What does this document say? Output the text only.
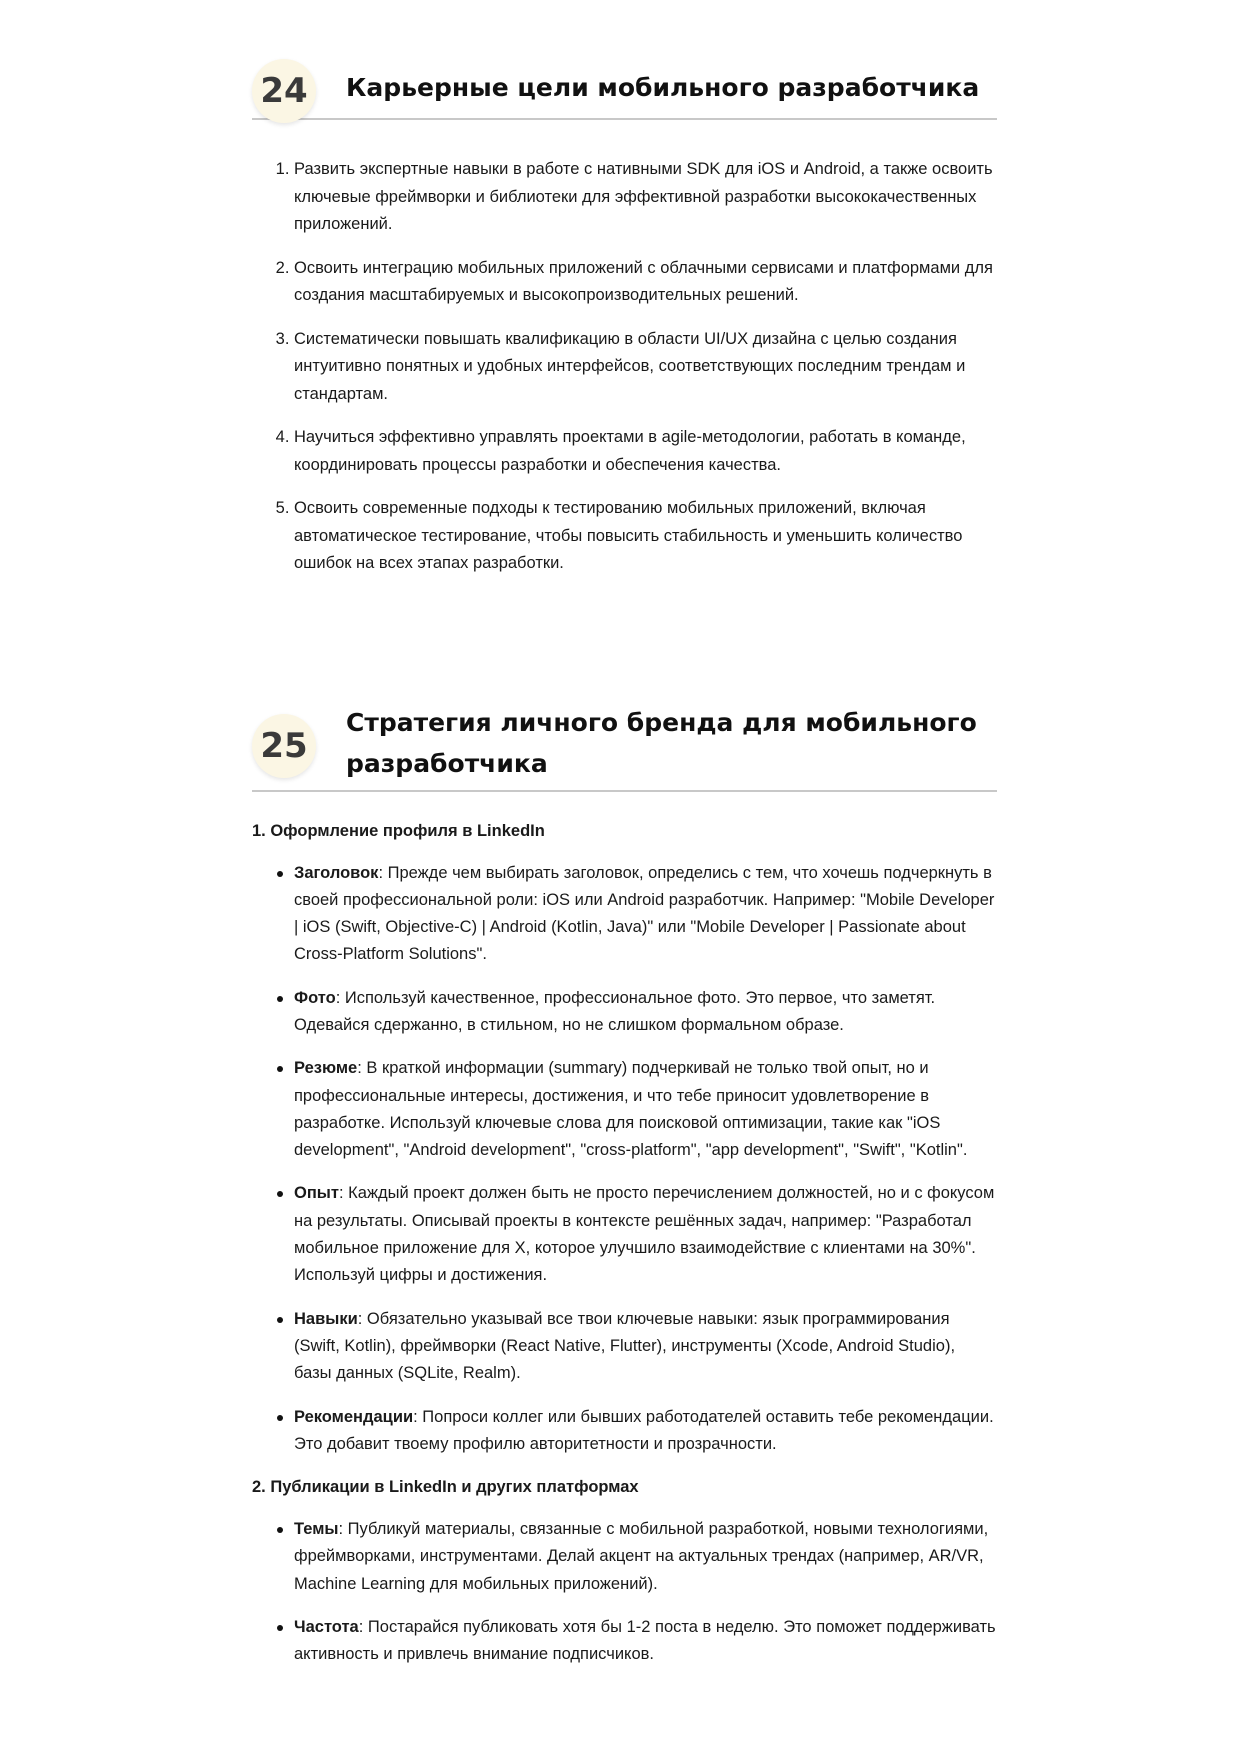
24	Карьерные цели мобильного разработчика
1. Развить экспертные навыки в работе с нативными SDK для iOS и Android, а также освоить ключевые фреймворки и библиотеки для эффективной разработки высококачественных приложений.
2. Освоить интеграцию мобильных приложений с облачными сервисами и платформами для создания масштабируемых и высокопроизводительных решений.
3. Систематически повышать квалификацию в области UI/UX дизайна с целью создания интуитивно понятных и удобных интерфейсов, соответствующих последним трендам и стандартам.
4. Научиться эффективно управлять проектами в agile-методологии, работать в команде, координировать процессы разработки и обеспечения качества.
5. Освоить современные подходы к тестированию мобильных приложений, включая автоматическое тестирование, чтобы повысить стабильность и уменьшить количество ошибок на всех этапах разработки.
25
Стратегия личного бренда для мобильного
разработчика

1. Оформление профиля в LinkedIn

Заголовок: Прежде чем выбирать заголовок, определись с тем, что хочешь подчеркнуть в своей профессиональной роли: iOS или Android разработчик. Например: "Mobile Developer | iOS (Swift, Objective-C) | Android (Kotlin, Java)" или "Mobile Developer | Passionate about Cross-Platform Solutions".
Фото: Используй качественное, профессиональное фото. Это первое, что заметят. Одевайся сдержанно, в стильном, но не слишком формальном образе.
Резюме: В краткой информации (summary) подчеркивай не только твой опыт, но и профессиональные интересы, достижения, и что тебе приносит удовлетворение в разработке. Используй ключевые слова для поисковой оптимизации, такие как "iOS development", "Android development", "cross-platform", "app development", "Swift", "Kotlin".
Опыт: Каждый проект должен быть не просто перечислением должностей, но и с фокусом на результаты. Описывай проекты в контексте решённых задач, например: "Разработал мобильное приложение для X, которое улучшило взаимодействие с клиентами на 30%". Используй цифры и достижения.
Навыки: Обязательно указывай все твои ключевые навыки: язык программирования (Swift, Kotlin), фреймворки (React Native, Flutter), инструменты (Xcode, Android Studio), базы данных (SQLite, Realm).
Рекомендации: Попроси коллег или бывших работодателей оставить тебе рекомендации. Это добавит твоему профилю авторитетности и прозрачности.

2. Публикации в LinkedIn и других платформах

Темы: Публикуй материалы, связанные с мобильной разработкой, новыми технологиями, фреймворками, инструментами. Делай акцент на актуальных трендах (например, AR/VR, Machine Learning для мобильных приложений).
Частота: Постарайся публиковать хотя бы 1-2 поста в неделю. Это поможет поддерживать активность и привлечь внимание подписчиков.
